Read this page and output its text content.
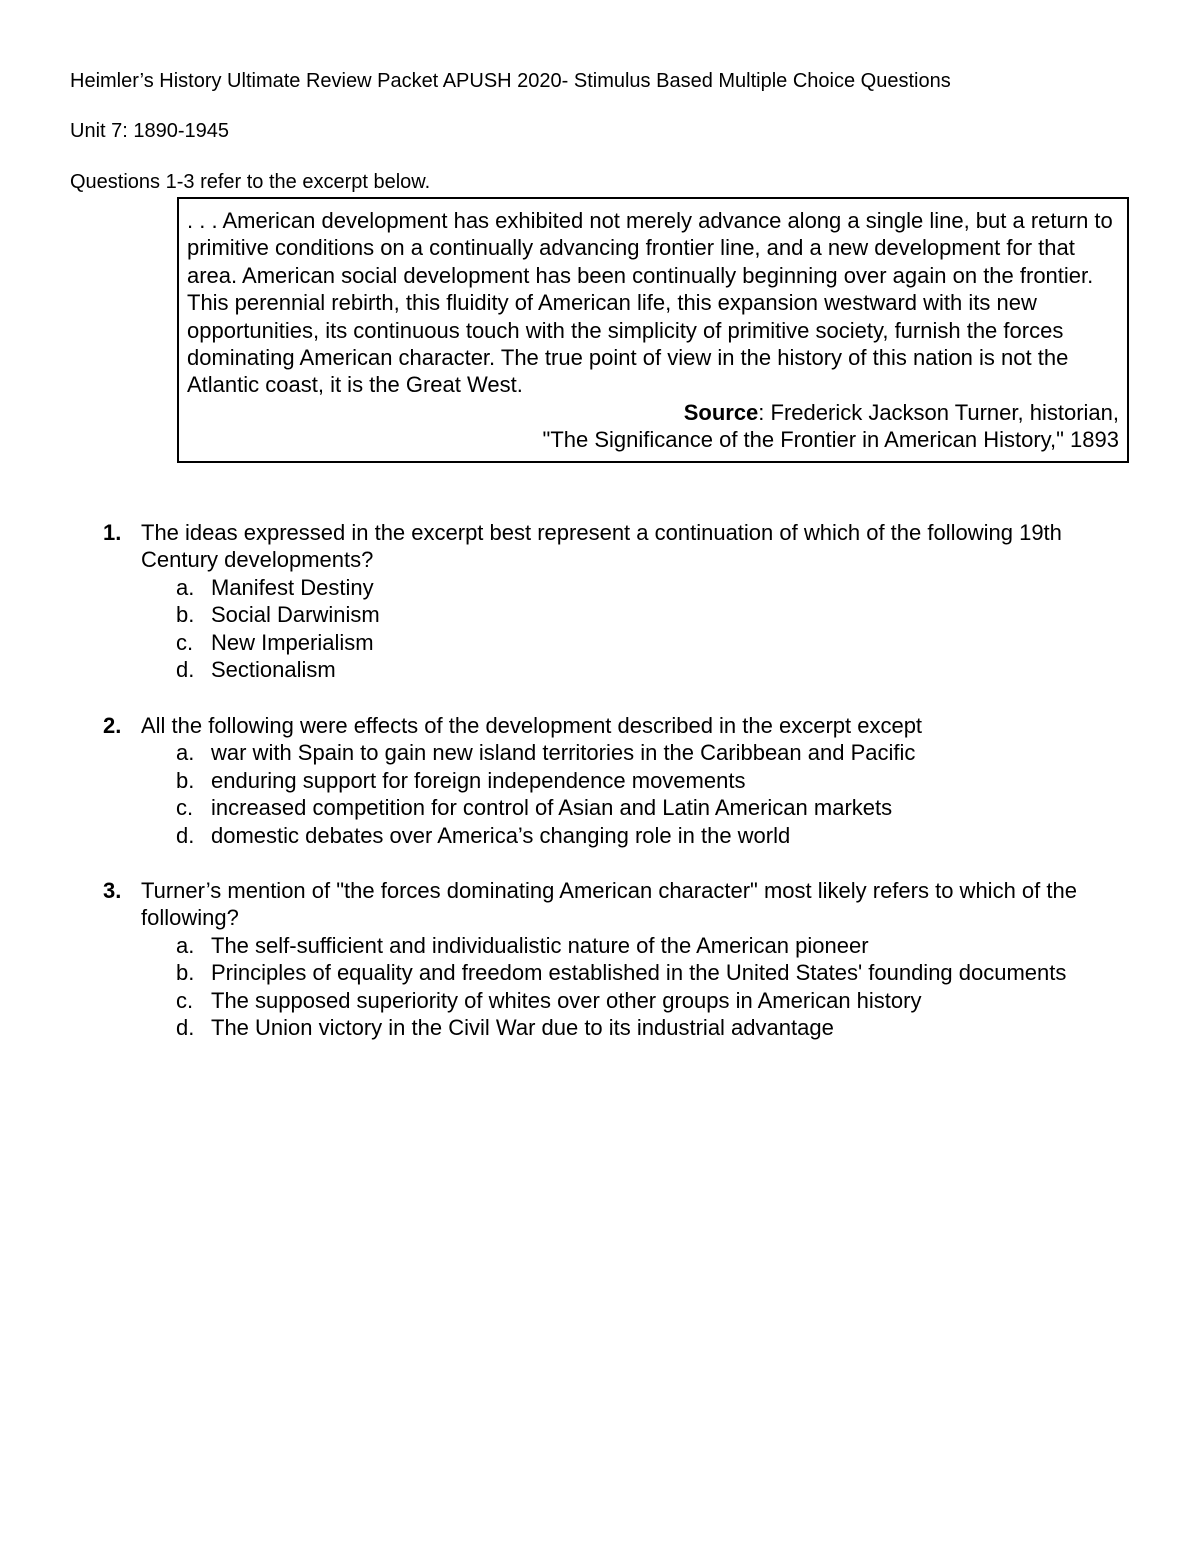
Heimler’s History Ultimate Review Packet APUSH 2020- Stimulus Based Multiple Choice Questions
Unit 7: 1890-1945
Questions 1-3 refer to the excerpt below.

. . . American development has exhibited not merely advance along a single line, but a return to primitive conditions on a continually advancing frontier line, and a new development for that area. American social development has been continually beginning over again on the frontier. This perennial rebirth, this fluidity of American life, this expansion westward with its new opportunities, its continuous touch with the simplicity of primitive society, furnish the forces dominating American character. The true point of view in the history of this nation is not the Atlantic coast, it is the Great West.

Source: Frederick Jackson Turner, historian,
"The Significance of the Frontier in American History," 1893
1. The ideas expressed in the excerpt best represent a continuation of which of the following 19th Century developments?
a. Manifest Destiny
b. Social Darwinism
c. New Imperialism
d. Sectionalism
2. All the following were effects of the development described in the excerpt except
a. war with Spain to gain new island territories in the Caribbean and Pacific
b. enduring support for foreign independence movements
c. increased competition for control of Asian and Latin American markets
d. domestic debates over America’s changing role in the world
3. Turner’s mention of "the forces dominating American character" most likely refers to which of the following?
a. The self-sufficient and individualistic nature of the American pioneer
b. Principles of equality and freedom established in the United States' founding documents
c. The supposed superiority of whites over other groups in American history
d. The Union victory in the Civil War due to its industrial advantage
